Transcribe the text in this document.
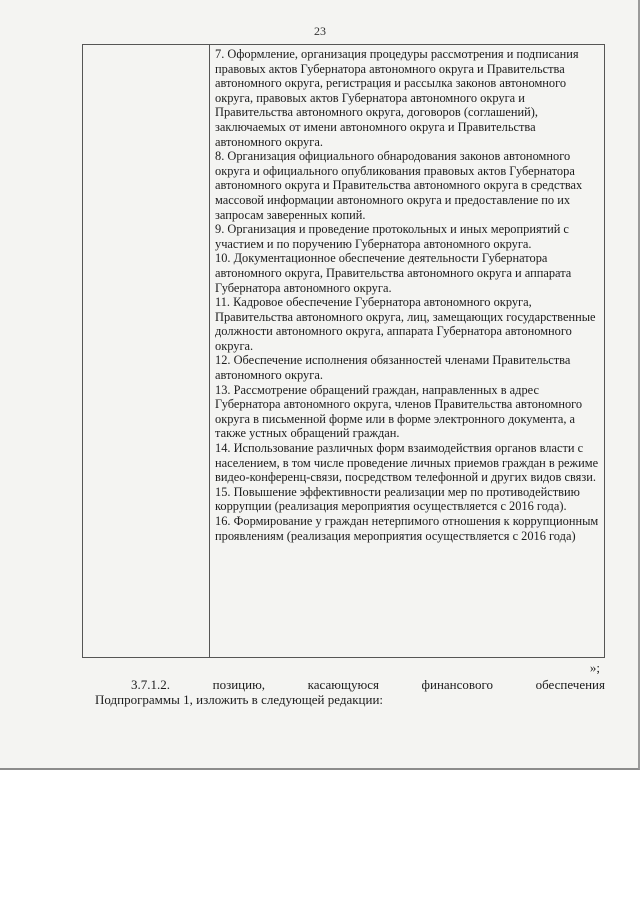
23

7. Оформление, организация процедуры рассмотрения и подписания правовых актов Губернатора автономного округа и Правительства автономного округа, регистрация и рассылка законов автономного округа, правовых актов Губернатора автономного округа и Правительства автономного округа, договоров (соглашений), заключаемых от имени автономного округа и Правительства автономного округа.

8. Организация официального обнародования законов автономного округа и официального опубликования правовых актов Губернатора автономного округа и Правительства автономного округа в средствах массовой информации автономного округа и предоставление по их запросам заверенных копий.

9. Организация и проведение протокольных и иных мероприятий с участием и по поручению Губернатора автономного округа.

10. Документационное обеспечение деятельности Губернатора автономного округа, Правительства автономного округа и аппарата Губернатора автономного округа.

11. Кадровое обеспечение Губернатора автономного округа, Правительства автономного округа, лиц, замещающих государственные должности автономного округа, аппарата Губернатора автономного округа.

12. Обеспечение исполнения обязанностей членами Правительства автономного округа.

13. Рассмотрение обращений граждан, направленных в адрес Губернатора автономного округа, членов Правительства автономного округа в письменной форме или в форме электронного документа, а также устных обращений граждан.

14. Использование различных форм взаимодействия органов власти с населением, в том числе проведение личных приемов граждан в режиме видео-конференц-связи, посредством телефонной и других видов связи.

15. Повышение эффективности реализации мер по противодействию коррупции (реализация мероприятия осуществляется с 2016 года).

16. Формирование у граждан нетерпимого отношения к коррупционным проявлениям (реализация мероприятия осуществляется с 2016 года)

»;
3.7.1.2. позицию, касающуюся финансового обеспечения
Подпрограммы 1, изложить в следующей редакции:
